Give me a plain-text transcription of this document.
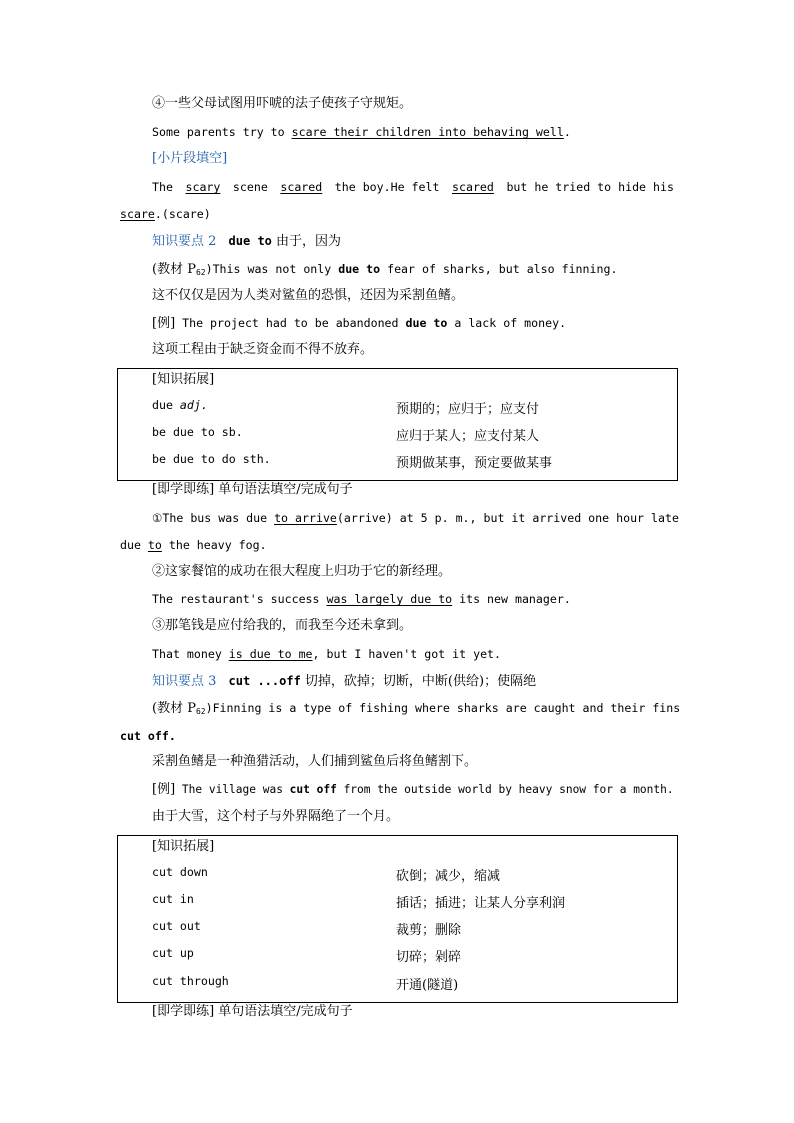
④一些父母试图用吓唬的法子使孩子守规矩。
Some parents try to scare their children into behaving well.
[小片段填空]
The scary scene scared the boy.He felt scared but he tried to hide his
scare.(scare)
知识要点 2 due to 由于，因为
(教材 $P_{62})This$ was not only due to fear of sharks, but also finning.
这不仅仅是因为人类对鲨鱼的恐惧，还因为采割鱼鳍。
[例] The project had to be abandoned due to a lack of money.
这项工程由于缺乏资金而不得不放弃。
[知识拓展]
due adj.	预期的；应归于；应支付
be due to sb.	应归于某人；应支付某人
be due to do sth.	预期做某事，预定要做某事
[即学即练] 单句语法填空/完成句子
①The bus was due to arrive(arrive) at 5 p. m., but it arrived one hour late
due to the heavy fog.
②这家餐馆的成功在很大程度上归功于它的新经理。
The restaurant's success was largely due to its new manager.
③那笔钱是应付给我的，而我至今还未拿到。
That money is due to me, but I haven't got it yet.
知识要点 3 cut ...off 切掉，砍掉；切断，中断(供给)；使隔绝
(教材 $P_{62})Finning$ is a type of fishing where sharks are caught and their fins
cut off.
采割鱼鳍是一种渔猎活动，人们捕到鲨鱼后将鱼鳍割下。
[例] The village was cut off from the outside world by heavy snow for a month.
由于大雪，这个村子与外界隔绝了一个月。
[知识拓展]
cut down	砍倒；减少，缩减
cut in	插话；插进；让某人分享利润
cut out	裁剪；删除
cut up	切碎；剁碎
cut through	开通(隧道)
[即学即练] 单句语法填空/完成句子
